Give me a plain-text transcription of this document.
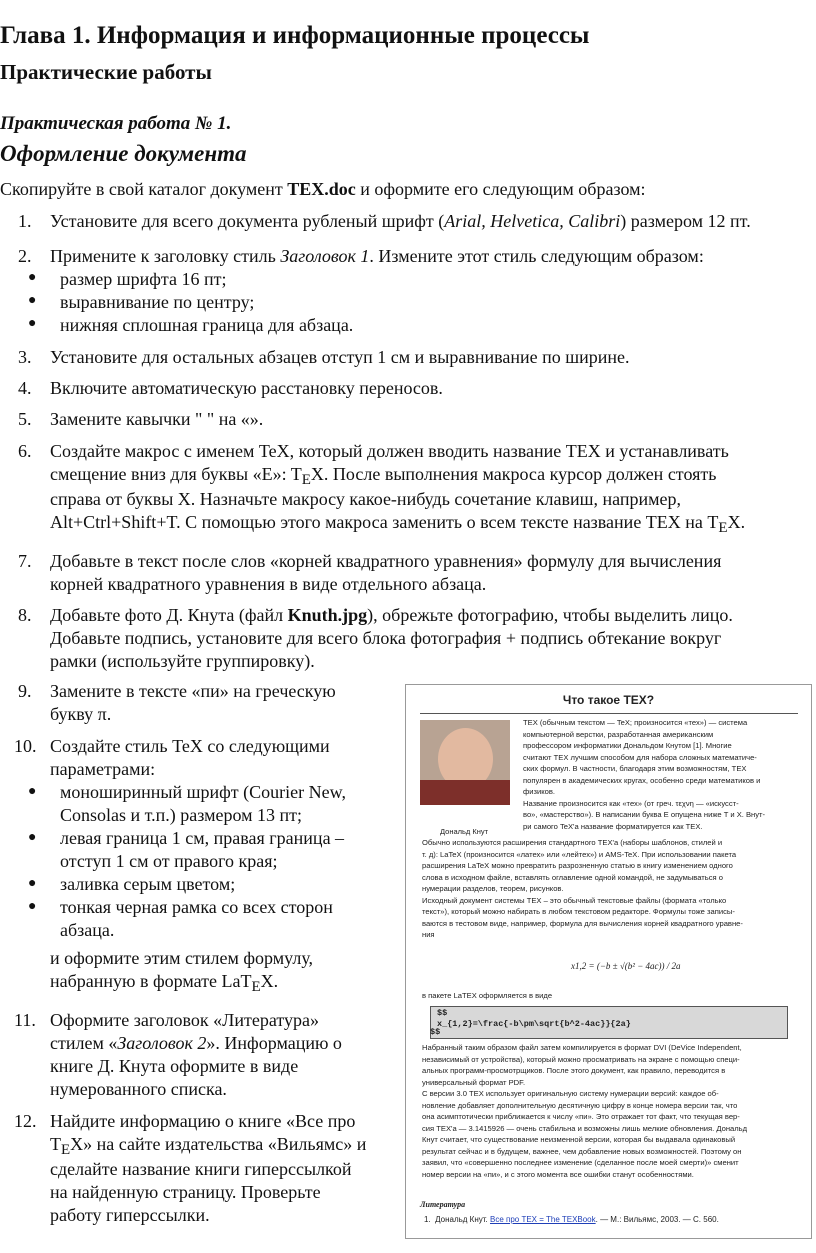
Глава 1. Информация и информационные процессы
Практические работы
Практическая работа № 1.
Оформление документа
Скопируйте в свой каталог документ TEX.doc и оформите его следующим образом:
1. Установите для всего документа рубленый шрифт (Arial, Helvetica, Calibri) размером 12 пт.
2. Примените к заголовку стиль Заголовок 1. Измените этот стиль следующим образом:
● размер шрифта 16 пт;
● выравнивание по центру;
● нижняя сплошная граница для абзаца.
3. Установите для остальных абзацев отступ 1 см и выравнивание по ширине.
4. Включите автоматическую расстановку переносов.
5. Замените кавычки " " на «».
6. Создайте макрос с именем TeX, который должен вводить название TEX и устанавливать
смещение вниз для буквы «E»: $T_EX$. После выполнения макроса курсор должен стоять
справа от буквы X. Назначьте макросу какое-нибудь сочетание клавиш, например,
Alt+Ctrl+Shift+T. С помощью этого макроса заменить о всем тексте название TEX на $T_EX$.
7. Добавьте в текст после слов «корней квадратного уравнения» формулу для вычисления
корней квадратного уравнения в виде отдельного абзаца.
8. Добавьте фото Д. Кнута (файл Knuth.jpg), обрежьте фотографию, чтобы выделить лицо.
Добавьте подпись, установите для всего блока фотография + подпись обтекание вокруг
рамки (используйте группировку).
9. Замените в тексте «пи» на греческую
букву π.
10. Создайте стиль TeX со следующими
параметрами:
● моноширинный шрифт (Courier New,
Consolas и т.п.) размером 13 пт;
● левая граница 1 см, правая граница –
отступ 1 см от правого края;
● заливка серым цветом;
● тонкая черная рамка со всех сторон
абзаца.
и оформите этим стилем формулу,
набранную в формате LaT$_E$X.
11. Оформите заголовок «Литература»
стилем «Заголовок 2». Информацию о
книге Д. Кнута оформите в виде
нумерованного списка.
12. Найдите информацию о книге «Все про
$T_EX$» на сайте издательства «Вильямс» и
сделайте название книги гиперссылкой
на найденную страницу. Проверьте
работу гиперссылки.
Что такое TEX?
Дональд Кнут
TEX (обычным текстом — TeX; произносится «тех») — система
компьютерной верстки, разработанная американским
профессором информатики Дональдом Кнутом [1]. Многие
считают TEX лучшим способом для набора сложных математиче-
ских формул. В частности, благодаря этим возможностям, TEX
популярен в академических кругах, особенно среди математиков и
физиков.
Название произносится как «тех» (от греч. τεχνη — «искусст-
во», «мастерство»). В написании буква E опущена ниже T и X. Внут-
ри самого TeX'а название форматируется как TEX.
Обычно используются расширения стандартного TEX'а (наборы шаблонов, стилей и
т. д): LaTeX (произносится «латех» или «лейтех») и AMS-TeX. При использовании пакета
расширения LaTeX можно превратить разрозненную статью в книгу изменением одного
слова в исходном файле, вставлять оглавление одной командой, не задумываться о
нумерации разделов, теорем, рисунков.
Исходный документ системы TEX – это обычный текстовые файлы (формата «только
текст»), который можно набирать в любом текстовом редакторе. Формулы тоже записы-
ваются в тестовом виде, например, формула для вычисления корней квадратного уравне-
ния
x1,2 = (−b ± √(b² − 4ac)) / 2a
в пакете LaTEX оформляется в виде
$$
x_{1,2}=\frac{-b\pm\sqrt{b^2-4ac}}{2a}
$$
Набранный таким образом файл затем компилируется в формат DVI (DeVice Independent,
независимый от устройства), который можно просматривать на экране с помощью специ-
альных программ-просмотрщиков. После этого документ, как правило, переводится в
универсальный формат PDF.
С версии 3.0 TEX использует оригинальную систему нумерации версий: каждое об-
новление добавляет дополнительную десятичную цифру в конце номера версии так, что
она асимптотически приближается к числу «пи». Это отражает тот факт, что текущая вер-
сия TEX'а — 3.1415926 — очень стабильна и возможны лишь мелкие обновления. Дональд
Кнут считает, что существование неизменной версии, которая бы выдавала одинаковый
результат сейчас и в будущем, важнее, чем добавление новых возможностей. Поэтому он
заявил, что «совершенно последнее изменение (сделанное после моей смерти)» сменит
номер версии на «пи», и с этого момента все ошибки станут особенностями.
Литература
1. Дональд Кнут. Все про TEX = The TEXBook. — М.: Вильямс, 2003. — С. 560.
